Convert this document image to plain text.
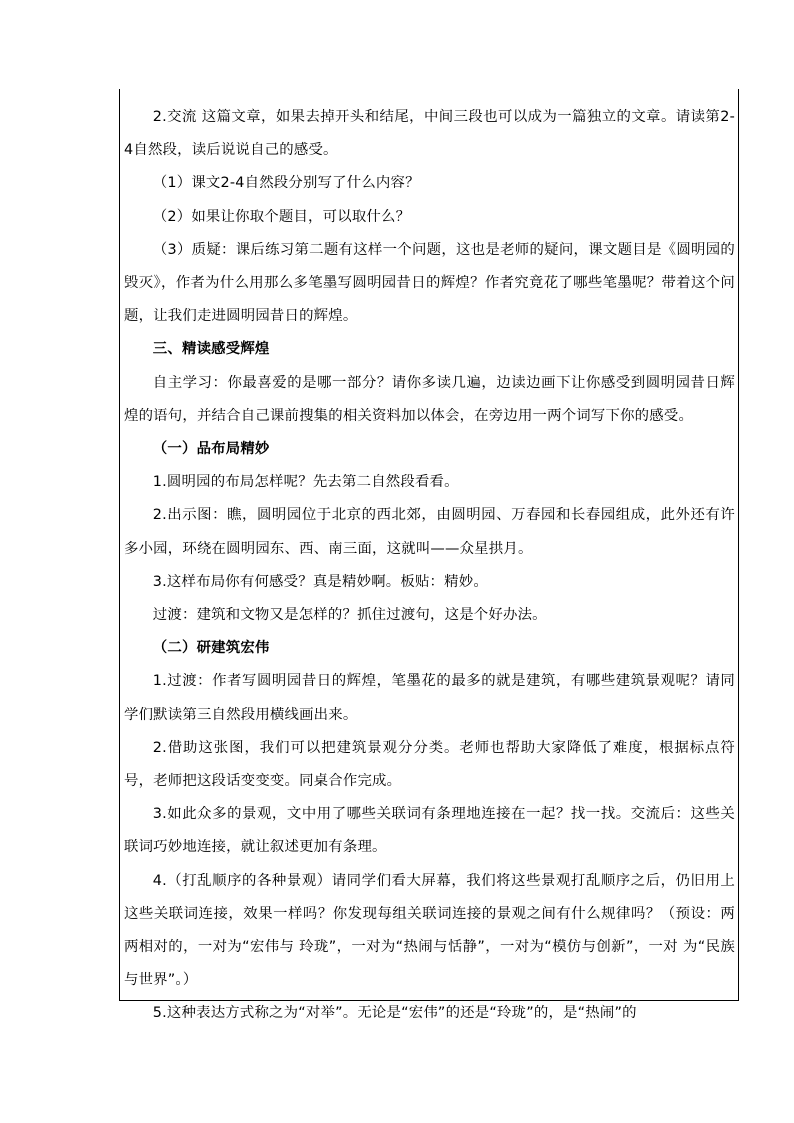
2.交流 这篇文章，如果去掉开头和结尾，中间三段也可以成为一篇独立的文章。请读第2-4自然段，读后说说自己的感受。

（1）课文2-4自然段分别写了什么内容？

（2）如果让你取个题目，可以取什么？

（3）质疑：课后练习第二题有这样一个问题，这也是老师的疑问，课文题目是《圆明园的毁灭》，作者为什么用那么多笔墨写圆明园昔日的辉煌？作者究竟花了哪些笔墨呢？带着这个问题，让我们走进圆明园昔日的辉煌。

三、精读感受辉煌

自主学习：你最喜爱的是哪一部分？请你多读几遍，边读边画下让你感受到圆明园昔日辉煌的语句，并结合自己课前搜集的相关资料加以体会，在旁边用一两个词写下你的感受。

（一）品布局精妙

1.圆明园的布局怎样呢？先去第二自然段看看。

2.出示图：瞧，圆明园位于北京的西北郊，由圆明园、万春园和长春园组成，此外还有许多小园，环绕在圆明园东、西、南三面，这就叫——众星拱月。

3.这样布局你有何感受？真是精妙啊。板贴：精妙。

过渡：建筑和文物又是怎样的？抓住过渡句，这是个好办法。

（二）研建筑宏伟

1.过渡：作者写圆明园昔日的辉煌，笔墨花的最多的就是建筑，有哪些建筑景观呢？请同学们默读第三自然段用横线画出来。

2.借助这张图，我们可以把建筑景观分分类。老师也帮助大家降低了难度，根据标点符号，老师把这段话变变变。同桌合作完成。

3.如此众多的景观，文中用了哪些关联词有条理地连接在一起？找一找。交流后：这些关联词巧妙地连接，就让叙述更加有条理。

4.（打乱顺序的各种景观）请同学们看大屏幕，我们将这些景观打乱顺序之后，仍旧用上这些关联词连接，效果一样吗？你发现每组关联词连接的景观之间有什么规律吗？（预设：两两相对的，一对为“宏伟与 玲珑”，一对为“热闹与恬静”，一对为“模仿与创新”，一对 为“民族与世界”。）

5.这种表达方式称之为“对举”。无论是“宏伟”的还是“玲珑”的，是“热闹”的
